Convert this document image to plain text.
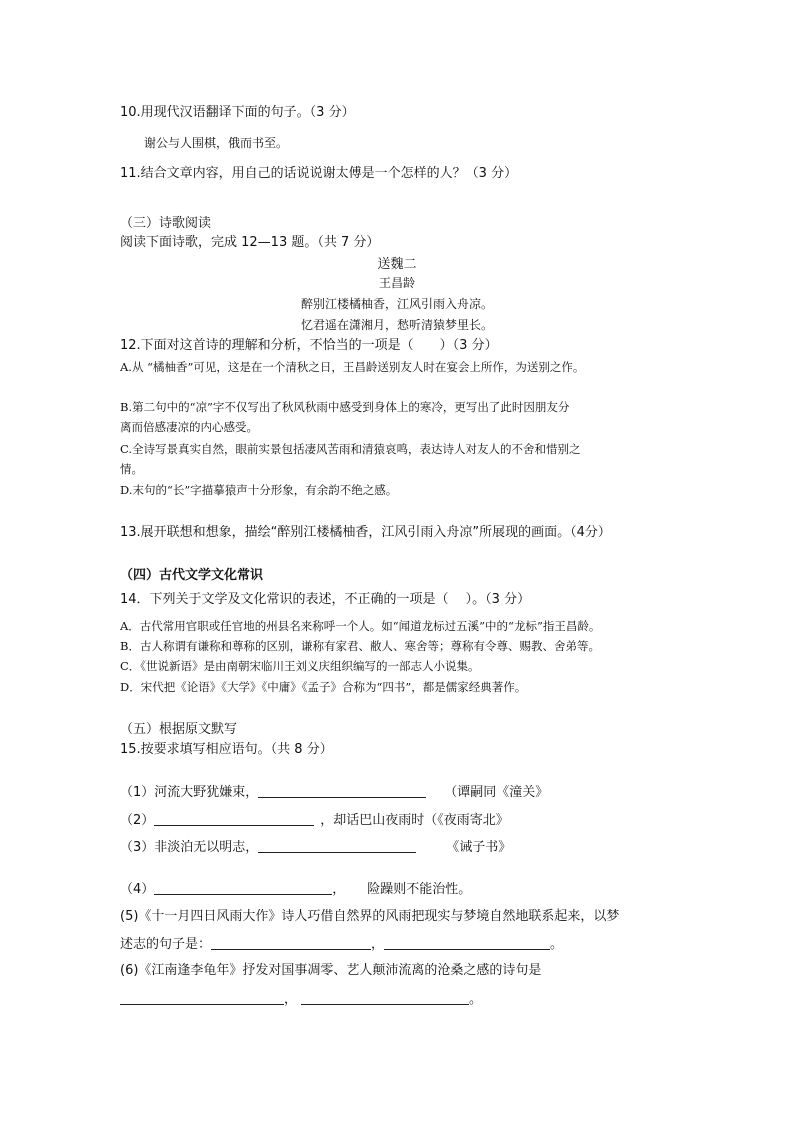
10.用现代汉语翻译下面的句子。（3 分）
谢公与人围棋，俄而书至。
11.结合文章内容，用自己的话说说谢太傅是一个怎样的人？（3 分）
（三）诗歌阅读
阅读下面诗歌，完成 12—13 题。（共 7 分）
送魏二
王昌龄
醉别江楼橘柚香，江风引雨入舟凉。
忆君遥在潇湘月，愁听清猿梦里长。
12.下面对这首诗的理解和分析，不恰当的一项是（　　）（3 分）
A.从 “橘柚香”可见，这是在一个清秋之日，王昌龄送别友人时在宴会上所作，为送别之作。
B.第二句中的“凉”字不仅写出了秋风秋雨中感受到身体上的寒冷，更写出了此时因朋友分
离而倍感凄凉的内心感受。
C.全诗写景真实自然，眼前实景包括凄风苦雨和清猿哀鸣，表达诗人对友人的不舍和惜别之
情。
D.末句的“长”字描摹猿声十分形象，有余韵不绝之感。
13.展开联想和想象，描绘“醉别江楼橘柚香，江风引雨入舟凉”所展现的画面。（4分）
（四）古代文学文化常识
14．下列关于文学及文化常识的表述，不正确的一项是（　 ）。（3 分）
A．古代常用官职或任官地的州县名来称呼一个人。如“闻道龙标过五溪”中的“龙标”指王昌龄。
B．古人称谓有谦称和尊称的区别，谦称有家君、敝人、寒舍等；尊称有令尊、赐教、舍弟等。
C．《世说新语》是由南朝宋临川王刘义庆组织编写的一部志人小说集。
D．宋代把《论语》《大学》《中庸》《孟子》合称为“四书”，都是儒家经典著作。
（五）根据原文默写
15.按要求填写相应语句。（共 8 分）
（1）河流大野犹嫌束，	（谭嗣同《潼关》
（2）	，却话巴山夜雨时（《夜雨寄北》
（3）非淡泊无以明志，	《诫子书》
（4）	， 险躁则不能治性。
(5)《十一月四日风雨大作》诗人巧借自然界的风雨把现实与梦境自然地联系起来，以梦
述志的句子是：	，	。
(6)《江南逢李龟年》抒发对国事凋零、艺人颠沛流离的沧桑之感的诗句是
，	。
